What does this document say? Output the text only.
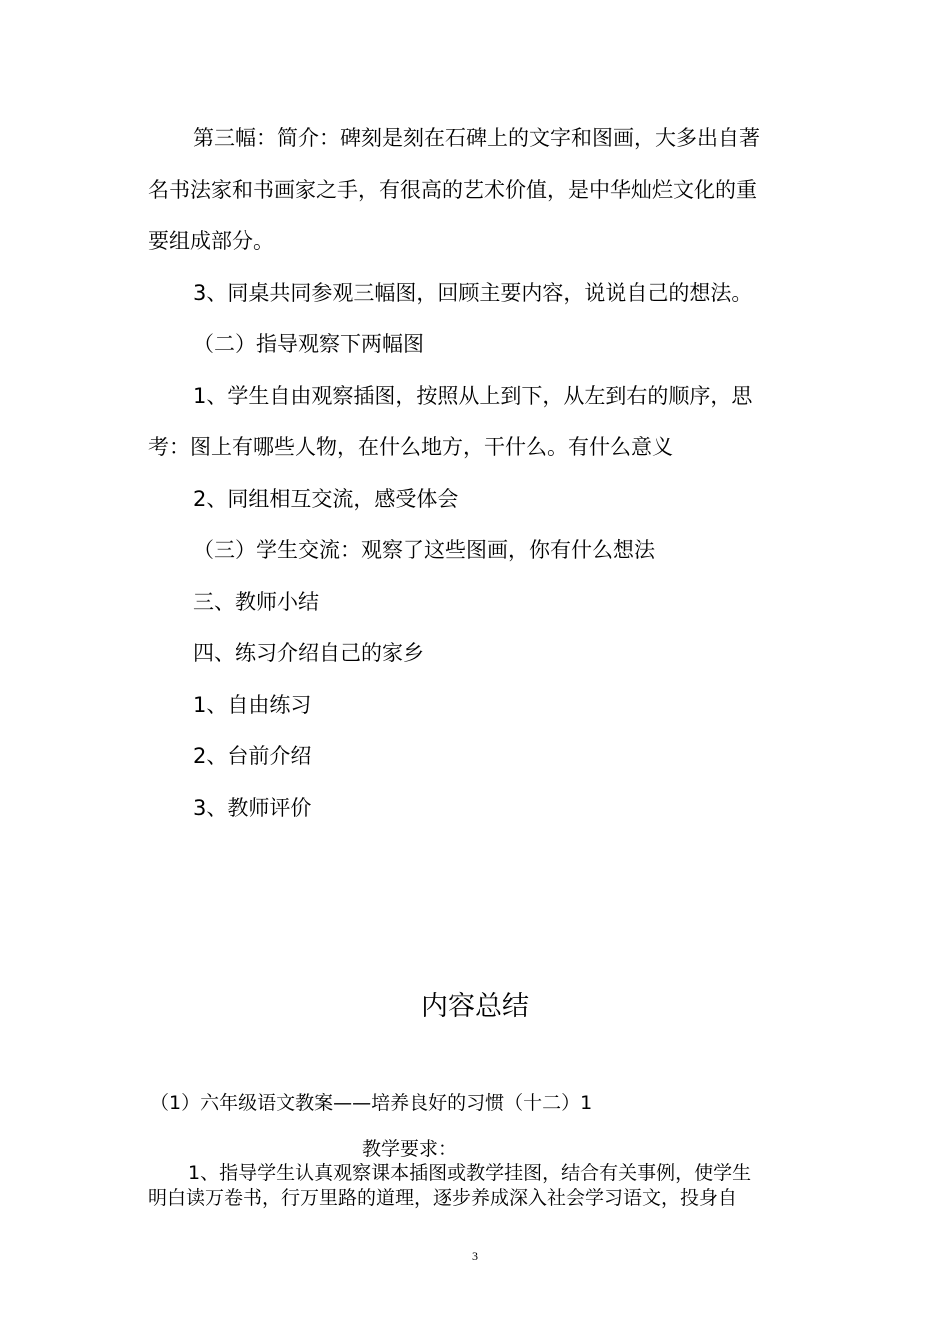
第三幅：简介：碑刻是刻在石碑上的文字和图画，大多出自著
名书法家和书画家之手，有很高的艺术价值，是中华灿烂文化的重
要组成部分。
3、同桌共同参观三幅图，回顾主要内容，说说自己的想法。
（二）指导观察下两幅图
1、学生自由观察插图，按照从上到下，从左到右的顺序，思
考：图上有哪些人物，在什么地方，干什么。有什么意义
2、同组相互交流，感受体会
（三）学生交流：观察了这些图画，你有什么想法
三、教师小结
四、练习介绍自己的家乡
1、自由练习
2、台前介绍
3、教师评价
内容总结
（1）六年级语文教案——培养良好的习惯（十二）1
教学要求：
1、指导学生认真观察课本插图或教学挂图，结合有关事例，使学生
明白读万卷书，行万里路的道理，逐步养成深入社会学习语文，投身自
3
